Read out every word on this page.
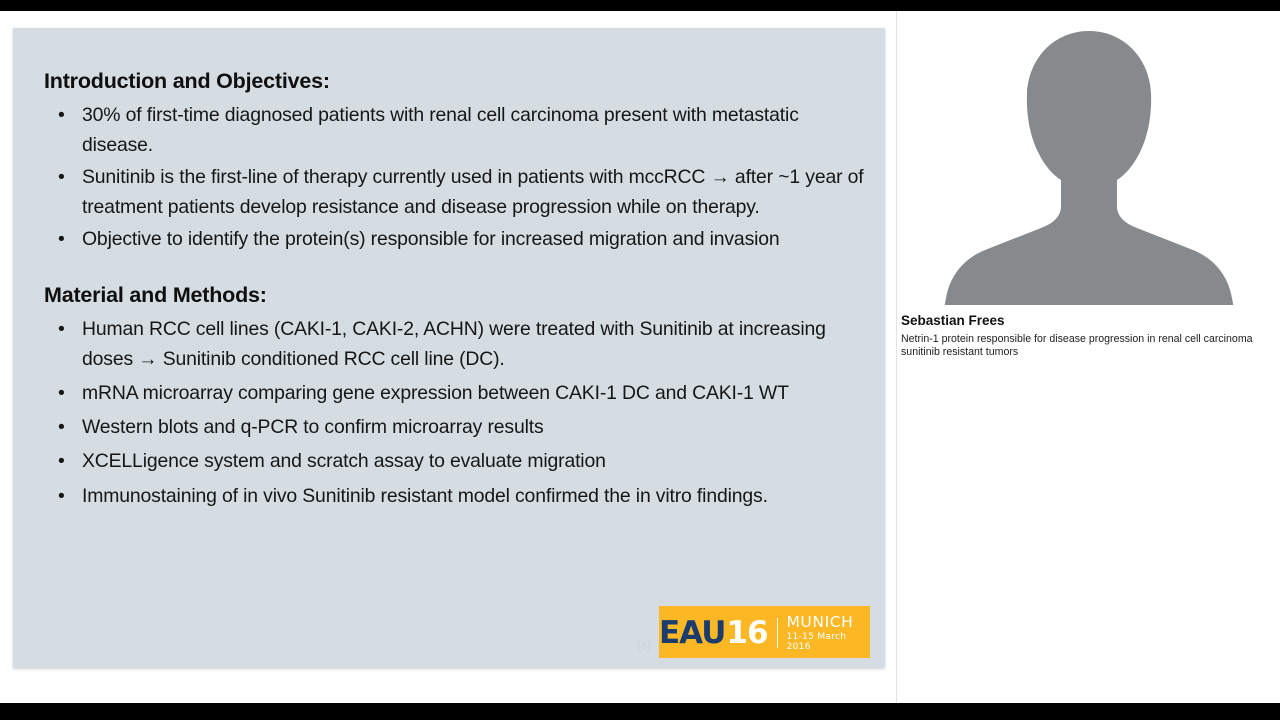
Introduction and Objectives:
• 30% of first-time diagnosed patients with renal cell carcinoma present with metastatic disease.
• Sunitinib is the first-line of therapy currently used in patients with mccRCC → after ~1 year of treatment patients develop resistance and disease progression while on therapy.
• Objective to identify the protein(s) responsible for increased migration and invasion
Material and Methods:
• Human RCC cell lines (CAKI-1, CAKI-2, ACHN) were treated with Sunitinib at increasing doses → Sunitinib conditioned RCC cell line (DC).
• mRNA microarray comparing gene expression between CAKI-1 DC and CAKI-1 WT
• Western blots and q-PCR to confirm microarray results
• XCELLigence system and scratch assay to evaluate migration
• Immunostaining of in vivo Sunitinib resistant model confirmed the in vitro findings.
(c) EAU 16 MUNICH
11-15 March 2016
Sebastian Frees
Netrin-1 protein responsible for disease progression in renal cell carcinoma sunitinib resistant tumors
